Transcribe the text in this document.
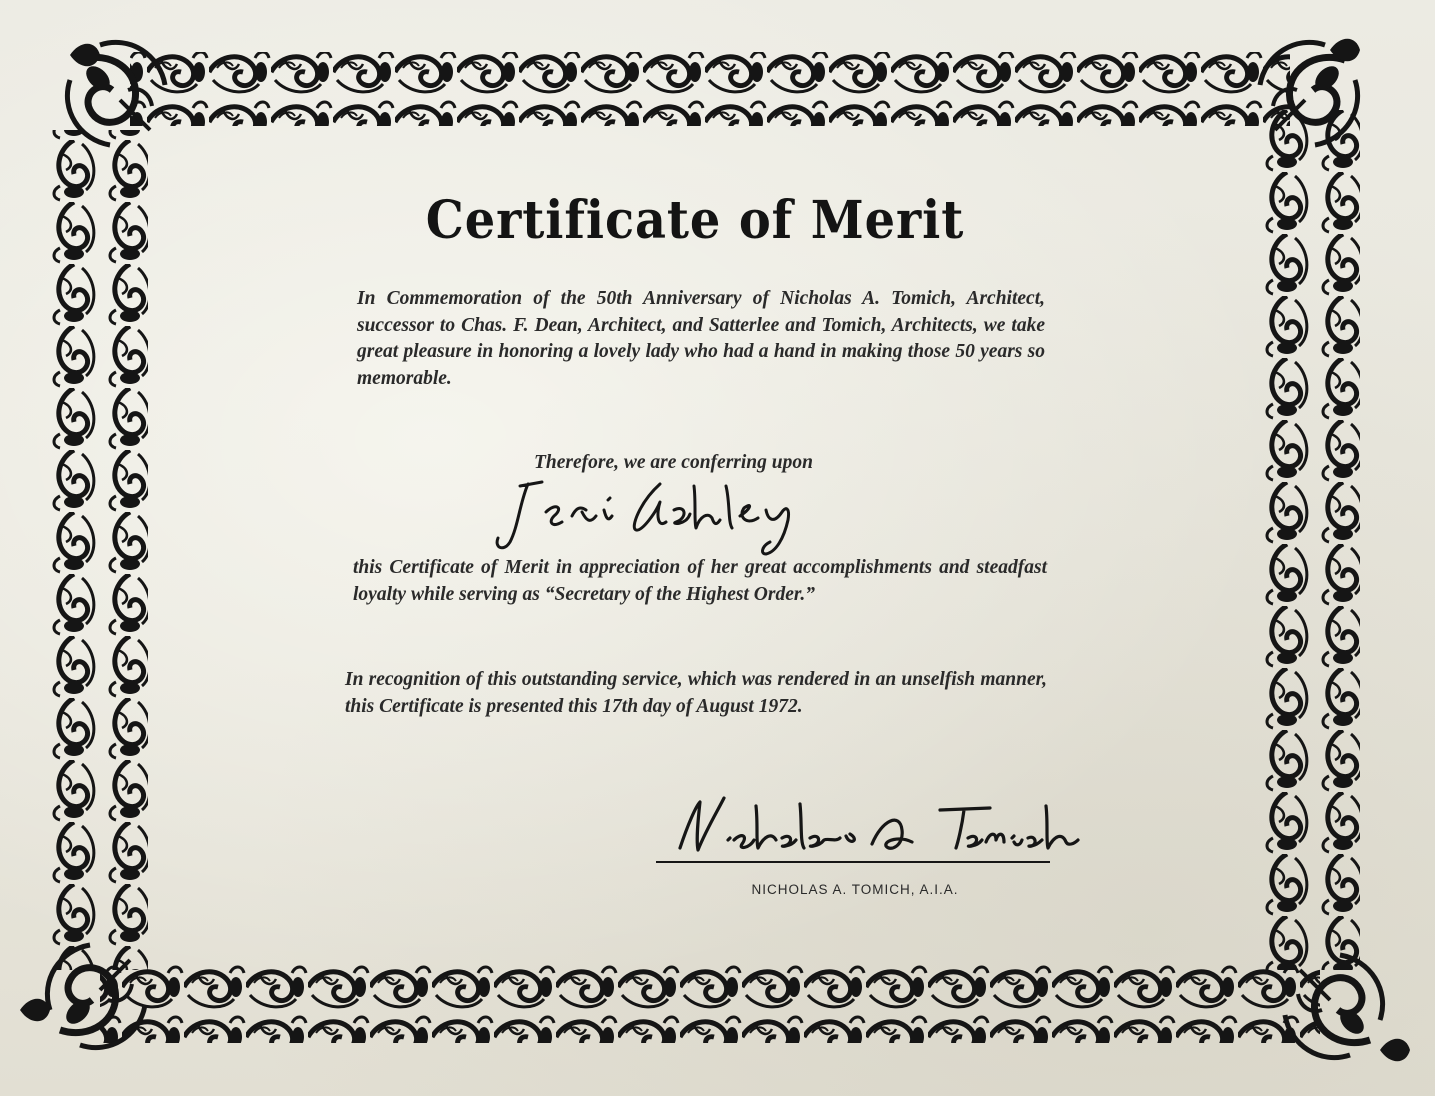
Certificate of Merit
In Commemoration of the 50th Anniversary of Nicholas A. Tomich, Architect, successor to Chas. F. Dean, Architect, and Satterlee and Tomich, Architects, we take great pleasure in honoring a lovely lady who had a hand in making those 50 years so memorable.
Therefore, we are conferring upon
Jeri Ashley
this Certificate of Merit in appreciation of her great accomplishments and steadfast loyalty while serving as “Secretary of the Highest Order.”
In recognition of this outstanding service, which was rendered in an unselfish manner, this Certificate is presented this 17th day of August 1972.
Nicholas A Tomich
NICHOLAS A. TOMICH, A.I.A.
